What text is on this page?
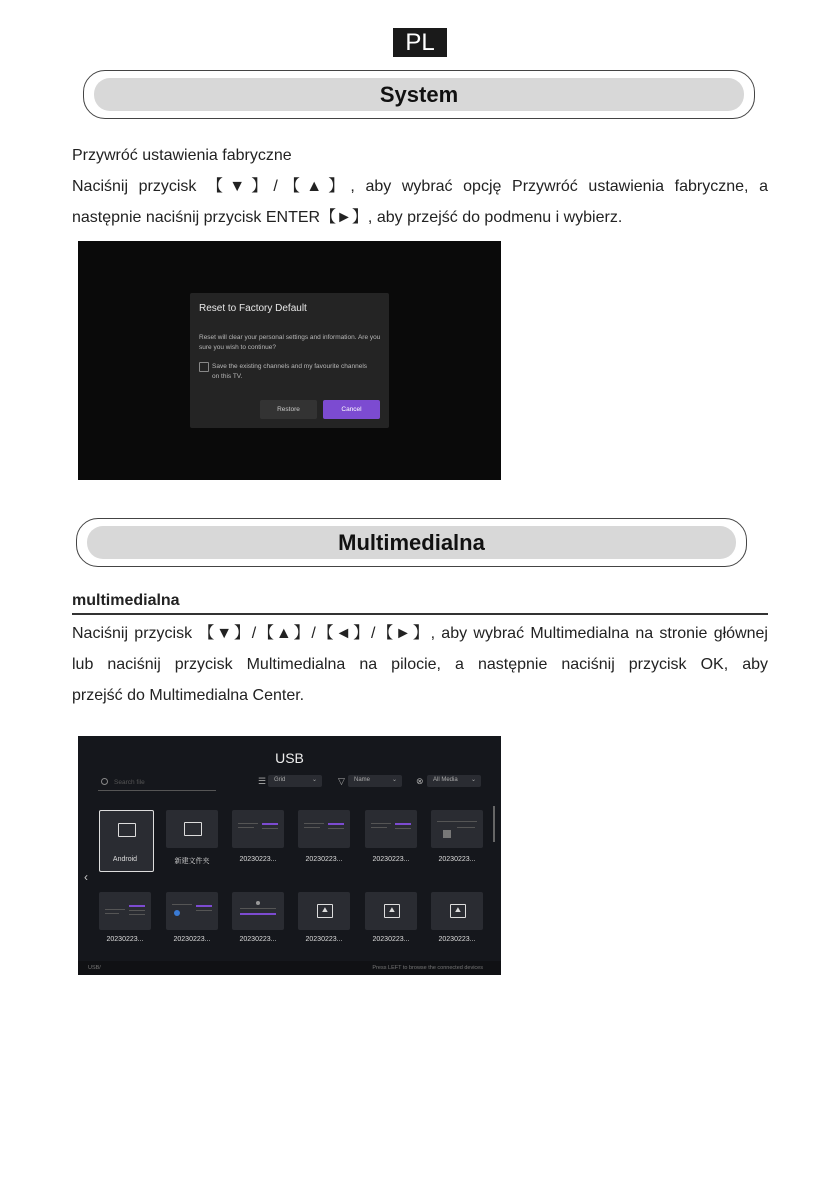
PL
System

Przywróć ustawienia fabryczne

Naciśnij przycisk 【▼】/【▲】, aby wybrać opcję Przywróć ustawienia fabryczne, a

następnie naciśnij przycisk ENTER【►】, aby przejść do podmenu i wybierz.

Reset to Factory Default
Reset will clear your personal settings and information. Are you sure you wish to continue?
Save the existing channels and my favourite channels on this TV.
Restore	Cancel
Multimedialna
multimedialna

Naciśnij przycisk 【▼】/【▲】/【◄】/【►】, aby wybrać Multimedialna na stronie głównej

lub naciśnij przycisk Multimedialna na pilocie, a następnie naciśnij przycisk OK, aby

przejść do Multimedialna Center.

USB
Search file	☰ Grid	⌄ ▽ Name	⌄ ⊗ All Media ⌄
‹
Android	新建文件夹	20230223...	20230223...	20230223...	20230223...
20230223...	20230223...	20230223...
⛰
20230223...
⛰
20230223...
⛰
20230223...
USB/	Press LEFT to browse the connected devices
